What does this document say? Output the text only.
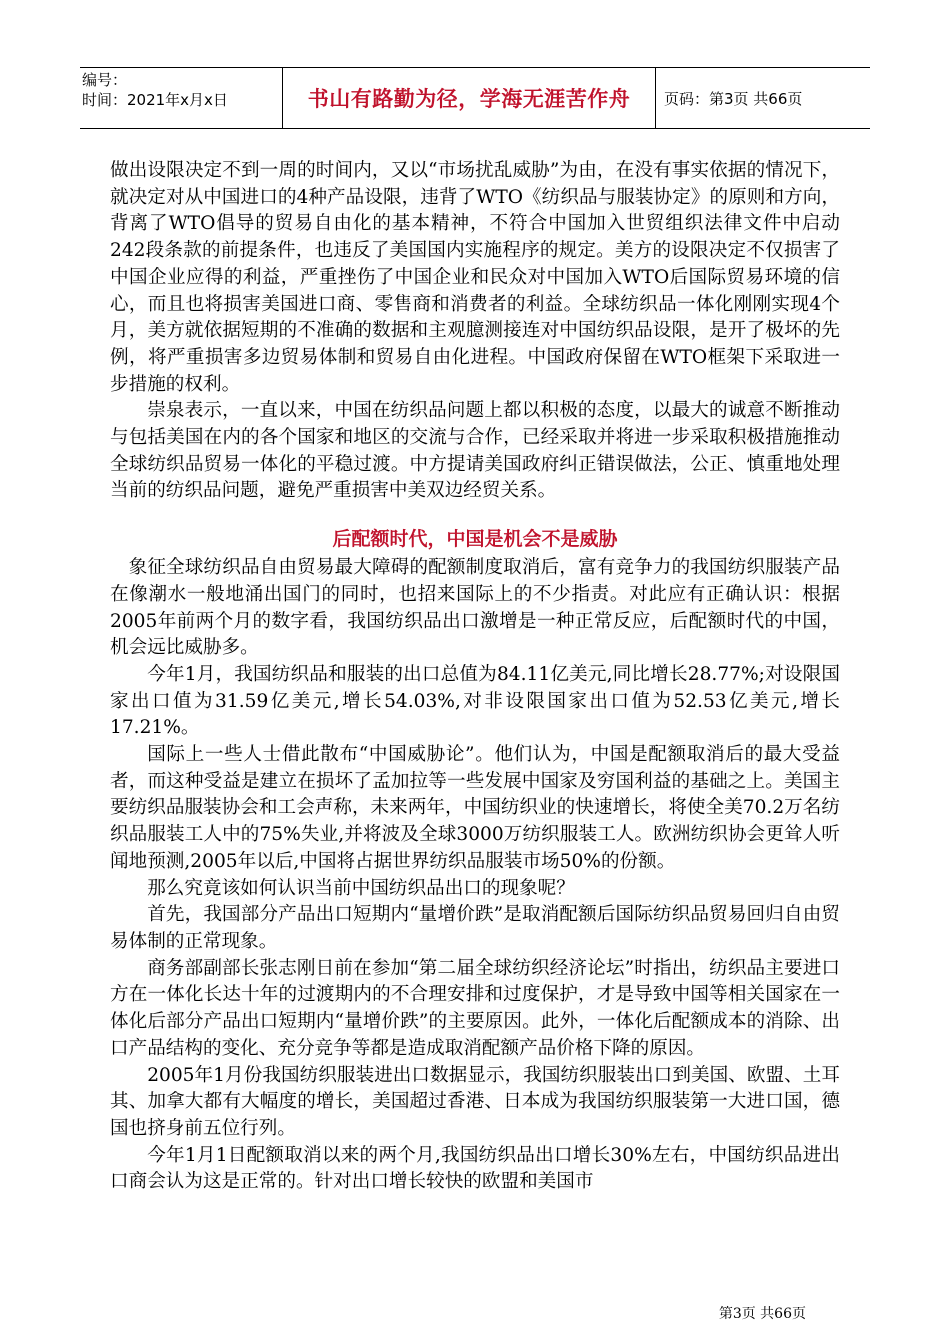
编号：
时间：2021年x月x日	书山有路勤为径，学海无涯苦作舟	页码：第3页 共66页

做出设限决定不到一周的时间内，又以“市场扰乱威胁”为由，在没有事实依据的情况下，就决定对从中国进口的4种产品设限，违背了WTO《纺织品与服装协定》的原则和方向，背离了WTO倡导的贸易自由化的基本精神，不符合中国加入世贸组织法律文件中启动242段条款的前提条件，也违反了美国国内实施程序的规定。美方的设限决定不仅损害了中国企业应得的利益，严重挫伤了中国企业和民众对中国加入WTO后国际贸易环境的信心，而且也将损害美国进口商、零售商和消费者的利益。全球纺织品一体化刚刚实现4个月，美方就依据短期的不准确的数据和主观臆测接连对中国纺织品设限，是开了极坏的先例，将严重损害多边贸易体制和贸易自由化进程。中国政府保留在WTO框架下采取进一步措施的权利。

崇泉表示，一直以来，中国在纺织品问题上都以积极的态度，以最大的诚意不断推动与包括美国在内的各个国家和地区的交流与合作，已经采取并将进一步采取积极措施推动全球纺织品贸易一体化的平稳过渡。中方提请美国政府纠正错误做法，公正、慎重地处理当前的纺织品问题，避免严重损害中美双边经贸关系。

后配额时代，中国是机会不是威胁

象征全球纺织品自由贸易最大障碍的配额制度取消后，富有竞争力的我国纺织服装产品在像潮水一般地涌出国门的同时，也招来国际上的不少指责。对此应有正确认识：根据2005年前两个月的数字看，我国纺织品出口激增是一种正常反应，后配额时代的中国，机会远比威胁多。

今年1月，我国纺织品和服装的出口总值为84.11亿美元,同比增长28.77%;对设限国家出口值为31.59亿美元,增长54.03%,对非设限国家出口值为52.53亿美元,增长17.21%。

国际上一些人士借此散布“中国威胁论”。他们认为，中国是配额取消后的最大受益者，而这种受益是建立在损坏了孟加拉等一些发展中国家及穷国利益的基础之上。美国主要纺织品服装协会和工会声称，未来两年，中国纺织业的快速增长，将使全美70.2万名纺织品服装工人中的75%失业,并将波及全球3000万纺织服装工人。欧洲纺织协会更耸人听闻地预测,2005年以后,中国将占据世界纺织品服装市场50%的份额。

那么究竟该如何认识当前中国纺织品出口的现象呢？

首先，我国部分产品出口短期内“量增价跌”是取消配额后国际纺织品贸易回归自由贸易体制的正常现象。

商务部副部长张志刚日前在参加“第二届全球纺织经济论坛”时指出，纺织品主要进口方在一体化长达十年的过渡期内的不合理安排和过度保护，才是导致中国等相关国家在一体化后部分产品出口短期内“量增价跌”的主要原因。此外，一体化后配额成本的消除、出口产品结构的变化、充分竞争等都是造成取消配额产品价格下降的原因。

2005年1月份我国纺织服装进出口数据显示，我国纺织服装出口到美国、欧盟、土耳其、加拿大都有大幅度的增长，美国超过香港、日本成为我国纺织服装第一大进口国，德国也挤身前五位行列。

今年1月1日配额取消以来的两个月,我国纺织品出口增长30%左右，中国纺织品进出口商会认为这是正常的。针对出口增长较快的欧盟和美国市

第3页 共66页
